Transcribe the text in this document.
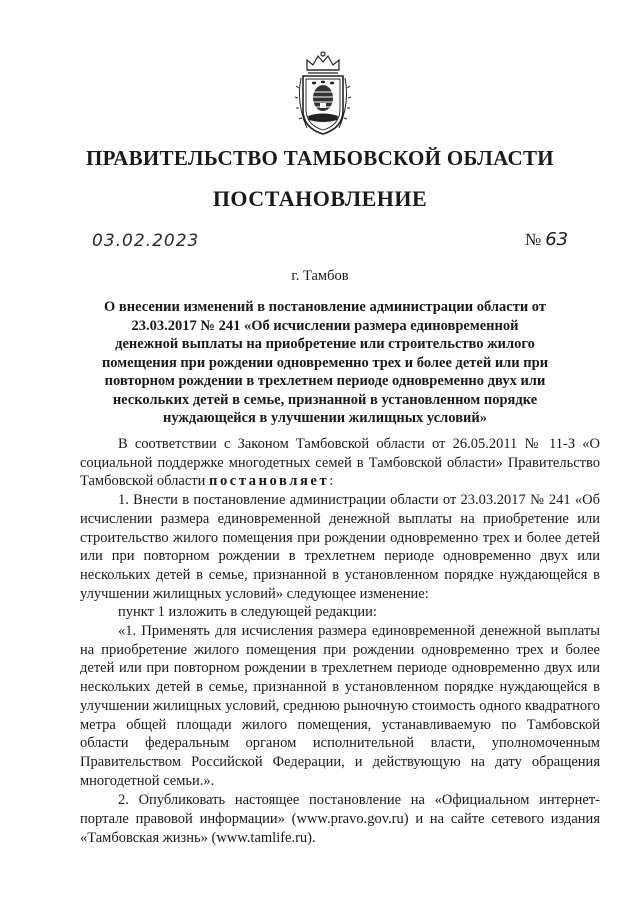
ПРАВИТЕЛЬСТВО ТАМБОВСКОЙ ОБЛАСТИ
ПОСТАНОВЛЕНИЕ
03.02.2023	№ 63
г. Тамбов
О внесении изменений в постановление администрации области от 23.03.2017 № 241 «Об исчислении размера единовременной денежной выплаты на приобретение или строительство жилого помещения при рождении одновременно трех и более детей или при повторном рождении в трехлетнем периоде одновременно двух или нескольких детей в семье, признанной в установленном порядке нуждающейся в улучшении жилищных условий»

В соответствии с Законом Тамбовской области от 26.05.2011 № 11-З «О социальной поддержке многодетных семей в Тамбовской области» Правительство Тамбовской области постановляет:

1. Внести в постановление администрации области от 23.03.2017 № 241 «Об исчислении размера единовременной денежной выплаты на приобретение или строительство жилого помещения при рождении одновременно трех и более детей или при повторном рождении в трехлетнем периоде одновременно двух или нескольких детей в семье, признанной в установленном порядке нуждающейся в улучшении жилищных условий» следующее изменение:

пункт 1 изложить в следующей редакции:

«1. Применять для исчисления размера единовременной денежной выплаты на приобретение жилого помещения при рождении одновременно трех и более детей или при повторном рождении в трехлетнем периоде одновременно двух или нескольких детей в семье, признанной в установленном порядке нуждающейся в улучшении жилищных условий, среднюю рыночную стоимость одного квадратного метра общей площади жилого помещения, устанавливаемую по Тамбовской области федеральным органом исполнительной власти, уполномоченным Правительством Российской Федерации, и действующую на дату обращения многодетной семьи.».

2. Опубликовать настоящее постановление на «Официальном интернет-портале правовой информации» (www.pravo.gov.ru) и на сайте сетевого издания «Тамбовская жизнь» (www.tamlife.ru).
